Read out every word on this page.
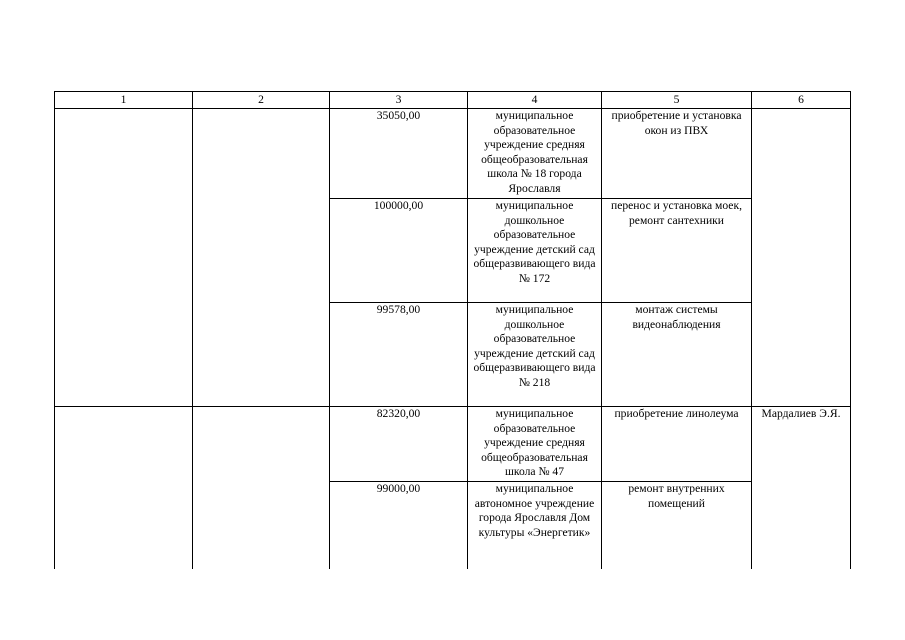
1	2	3	4	5	6
		35050,00	муниципальное образовательное учреждение средняя общеобразовательная школа № 18 города Ярославля	приобретение и установка окон из ПВХ	
		100000,00	муниципальное дошкольное образовательное учреждение детский сад общеразвивающего вида № 172	перенос и установка моек, ремонт сантехники	
		99578,00	муниципальное дошкольное образовательное учреждение детский сад общеразвивающего вида № 218	монтаж системы видеонаблюдения	
		82320,00	муниципальное образовательное учреждение средняя общеобразовательная школа № 47	приобретение линолеума	Мардалиев Э.Я.
		99000,00	муниципальное автономное учреждение города Ярославля Дом культуры «Энергетик»	ремонт внутренних помещений	
